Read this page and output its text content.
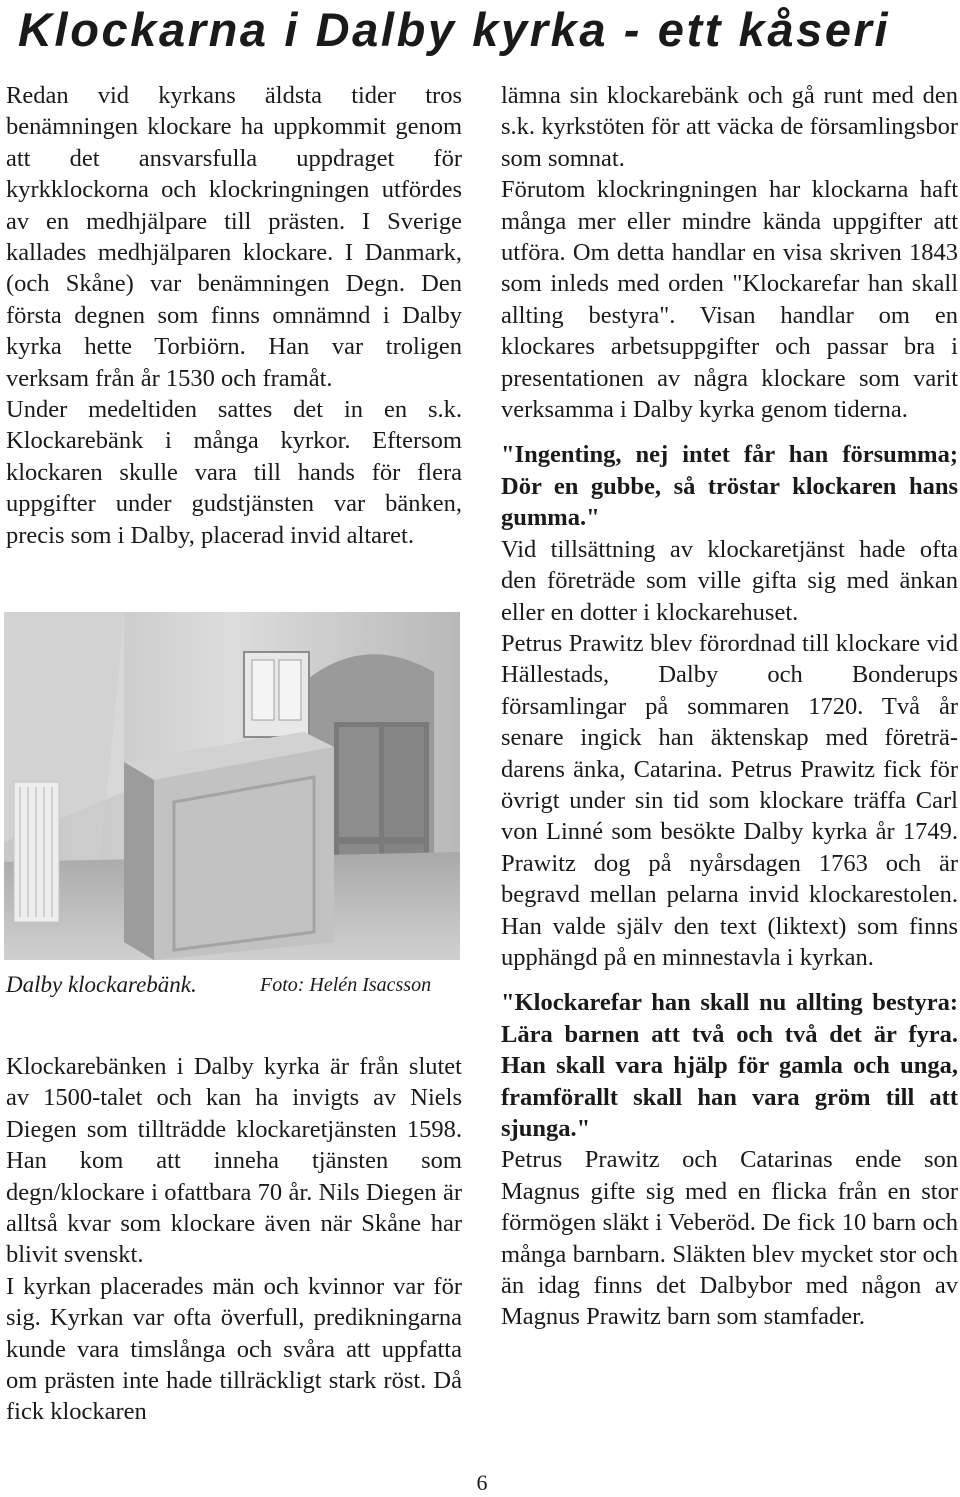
Klockarna i Dalby kyrka - ett kåseri

Redan vid kyrkans äldsta tider tros benämningen klockare ha uppkommit genom att det ansvarsfulla uppdraget för kyrkklockorna och klockringningen utfördes av en medhjälpare till prästen. I Sverige kallades medhjälparen klockare. I Danmark, (och Skåne) var benämningen Degn. Den första degnen som finns omnämnd i Dalby kyrka hette Torbiörn. Han var troligen verksam från år 1530 och framåt.

Under medeltiden sattes det in en s.k. Klockarebänk i många kyrkor. Eftersom klockaren skulle vara till hands för flera uppgifter under gudstjänsten var bänken, precis som i Dalby, placerad invid altaret.

Dalby klockarebänk.	Foto: Helén Isacsson

Klockarebänken i Dalby kyrka är från slutet av 1500-talet och kan ha invigts av Niels Diegen som tillträdde klockaretjänsten 1598. Han kom att inneha tjänsten som degn/klockare i ofattbara 70 år. Nils Diegen är alltså kvar som klockare även när Skåne har blivit svenskt.

I kyrkan placerades män och kvinnor var för sig. Kyrkan var ofta överfull, predikningarna kunde vara timslånga och svåra att uppfatta om prästen inte hade tillräckligt stark röst. Då fick klockaren

lämna sin klockarebänk och gå runt med den s.k. kyrkstöten för att väcka de församlingsbor som somnat.

Förutom klockringningen har klockarna haft många mer eller mindre kända uppgifter att utföra. Om detta handlar en visa skriven 1843 som inleds med orden "Klockarefar han skall allting bestyra". Visan handlar om en klockares arbetsuppgifter och passar bra i presentationen av några klockare som varit verksamma i Dalby kyrka genom tiderna.

"Ingenting, nej intet får han försumma; Dör en gubbe, så tröstar klockaren hans gumma."

Vid tillsättning av klockaretjänst hade ofta den företräde som ville gifta sig med änkan eller en dotter i klockarehuset.

Petrus Prawitz blev förordnad till klockare vid Hällestads, Dalby och Bonderups församlingar på sommaren 1720. Två år senare ingick han äktenskap med företrädarens änka, Catarina. Petrus Prawitz fick för övrigt under sin tid som klockare träffa Carl von Linné som besökte Dalby kyrka år 1749. Prawitz dog på nyårsdagen 1763 och är begravd mellan pelarna invid klockarestolen. Han valde själv den text (liktext) som finns upphängd på en minnestavla i kyrkan.

"Klockarefar han skall nu allting bestyra: Lära barnen att två och två det är fyra. Han skall vara hjälp för gamla och unga, framförallt skall han vara gröm till att sjunga."

Petrus Prawitz och Catarinas ende son Magnus gifte sig med en flicka från en stor förmögen släkt i Veberöd. De fick 10 barn och många barnbarn. Släkten blev mycket stor och än idag finns det Dalbybor med någon av Magnus Prawitz barn som stamfader.

6
